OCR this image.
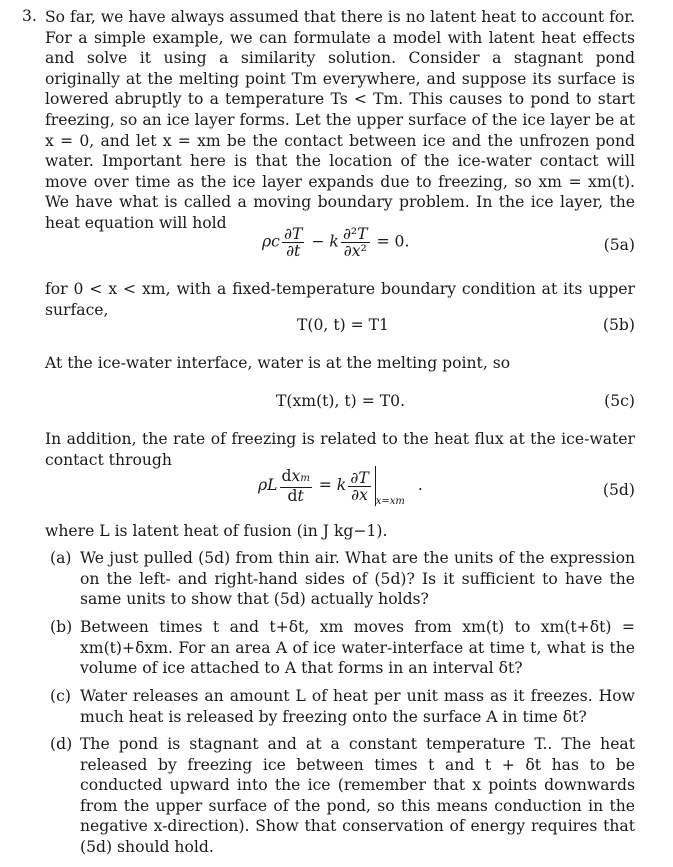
3. So far, we have always assumed that there is no latent heat to account for. For a simple example, we can formulate a model with latent heat effects and solve it using a similarity solution. Consider a stagnant pond originally at the melting point Tm everywhere, and suppose its surface is lowered abruptly to a temperature Ts < Tm. This causes to pond to start freezing, so an ice layer forms. Let the upper surface of the ice layer be at x = 0, and let x = xm be the contact between ice and the unfrozen pond water. Important here is that the location of the ice-water contact will move over time as the ice layer expands due to freezing, so xm = xm(t). We have what is called a moving boundary problem. In the ice layer, the heat equation will hold
ρc $\frac{\partial T}{\partial t} - k \frac{\text{∂²T}}{\text{∂x²}} = 0$.	(5a)
for 0 < x < xm, with a fixed-temperature boundary condition at its upper surface,
T(0, t) = T1	(5b)
At the ice-water interface, water is at the melting point, so
T(xm(t), t) = T0.	(5c)
In addition, the rate of freezing is related to the heat flux at the ice-water contact through
ρL $\frac{\text{dxm}}{dt} = k \frac{\partial T}{\partial x} _{x=xm}$ .	(5d)
where L is latent heat of fusion (in J kg−1).
(a) We just pulled (5d) from thin air. What are the units of the expression on the left- and right-hand sides of (5d)? Is it sufficient to have the same units to show that (5d) actually holds?
(b) Between times t and t+δt, xm moves from xm(t) to xm(t+δt) = xm(t)+δxm. For an area A of ice water-interface at time t, what is the volume of ice attached to A that forms in an interval δt?
(c) Water releases an amount L of heat per unit mass as it freezes. How much heat is released by freezing onto the surface A in time δt?
(d) The pond is stagnant and at a constant temperature T.. The heat released by freezing ice between times t and t + δt has to be conducted upward into the ice (remember that x points downwards from the upper surface of the pond, so this means conduction in the negative x-direction). Show that conservation of energy requires that (5d) should hold.
